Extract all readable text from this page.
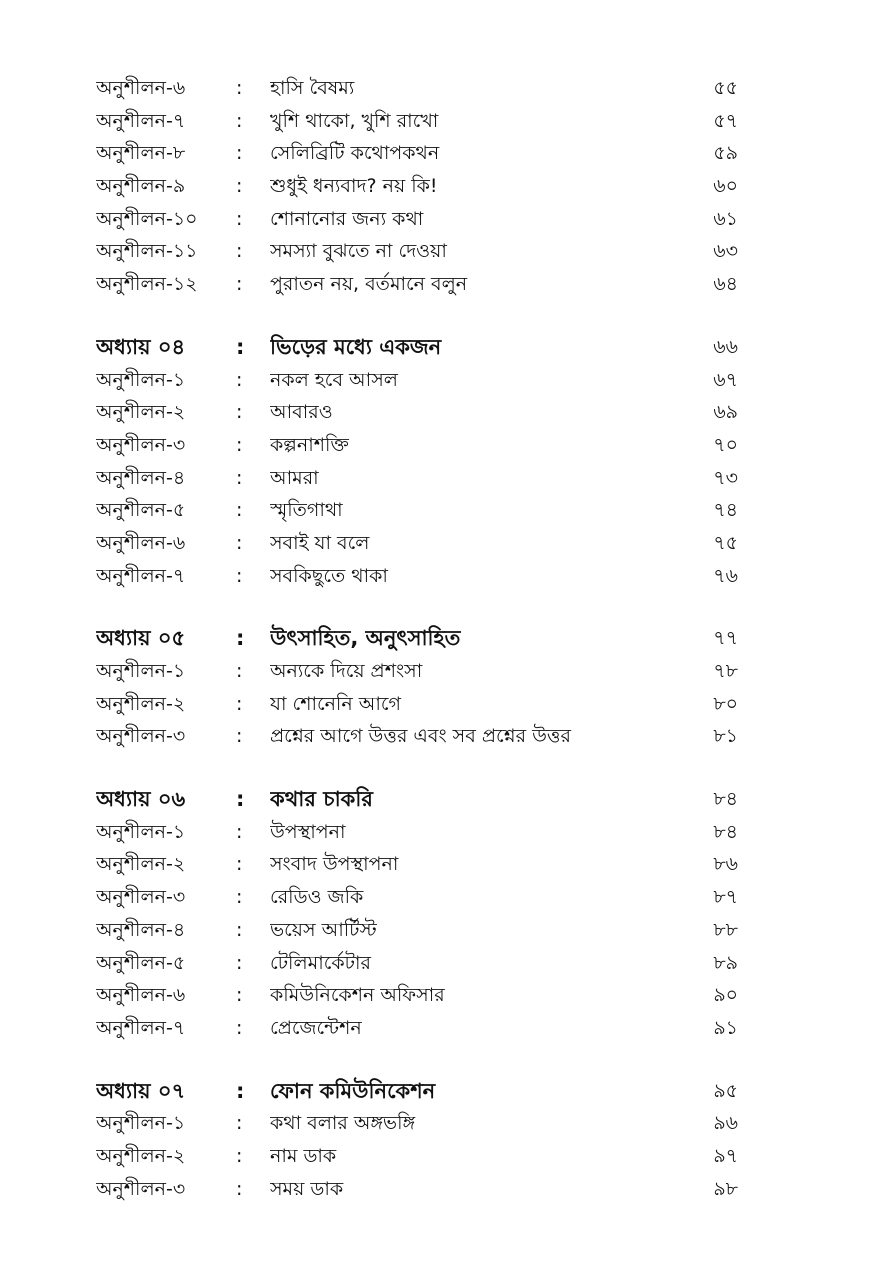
অনুশীলন-৬	:	হাসি বৈষম্য	৫৫
অনুশীলন-৭	:	খুশি থাকো, খুশি রাখো	৫৭
অনুশীলন-৮	:	সেলিব্রিটি কথোপকথন	৫৯
অনুশীলন-৯	:	শুধুই ধন্যবাদ? নয় কি!	৬০
অনুশীলন-১০	:	শোনানোর জন্য কথা	৬১
অনুশীলন-১১	:	সমস্যা বুঝতে না দেওয়া	৬৩
অনুশীলন-১২	:	পুরাতন নয়, বর্তমানে বলুন	৬৪
অধ্যায় ০৪	:	ভিড়ের মধ্যে একজন	৬৬
অনুশীলন-১	:	নকল হবে আসল	৬৭
অনুশীলন-২	:	আবারও	৬৯
অনুশীলন-৩	:	কল্পনাশক্তি	৭০
অনুশীলন-৪	:	আমরা	৭৩
অনুশীলন-৫	:	স্মৃতিগাথা	৭৪
অনুশীলন-৬	:	সবাই যা বলে	৭৫
অনুশীলন-৭	:	সবকিছুতে থাকা	৭৬
অধ্যায় ০৫	:	উৎসাহিত, অনুৎসাহিত	৭৭
অনুশীলন-১	:	অন্যকে দিয়ে প্রশংসা	৭৮
অনুশীলন-২	:	যা শোনেনি আগে	৮০
অনুশীলন-৩	:	প্রশ্নের আগে উত্তর এবং সব প্রশ্নের উত্তর	৮১
অধ্যায় ০৬	:	কথার চাকরি	৮৪
অনুশীলন-১	:	উপস্থাপনা	৮৪
অনুশীলন-২	:	সংবাদ উপস্থাপনা	৮৬
অনুশীলন-৩	:	রেডিও জকি	৮৭
অনুশীলন-৪	:	ভয়েস আর্টিস্ট	৮৮
অনুশীলন-৫	:	টেলিমার্কেটার	৮৯
অনুশীলন-৬	:	কমিউনিকেশন অফিসার	৯০
অনুশীলন-৭	:	প্রেজেন্টেশন	৯১
অধ্যায় ০৭	:	ফোন কমিউনিকেশন	৯৫
অনুশীলন-১	:	কথা বলার অঙ্গভঙ্গি	৯৬
অনুশীলন-২	:	নাম ডাক	৯৭
অনুশীলন-৩	:	সময় ডাক	৯৮
